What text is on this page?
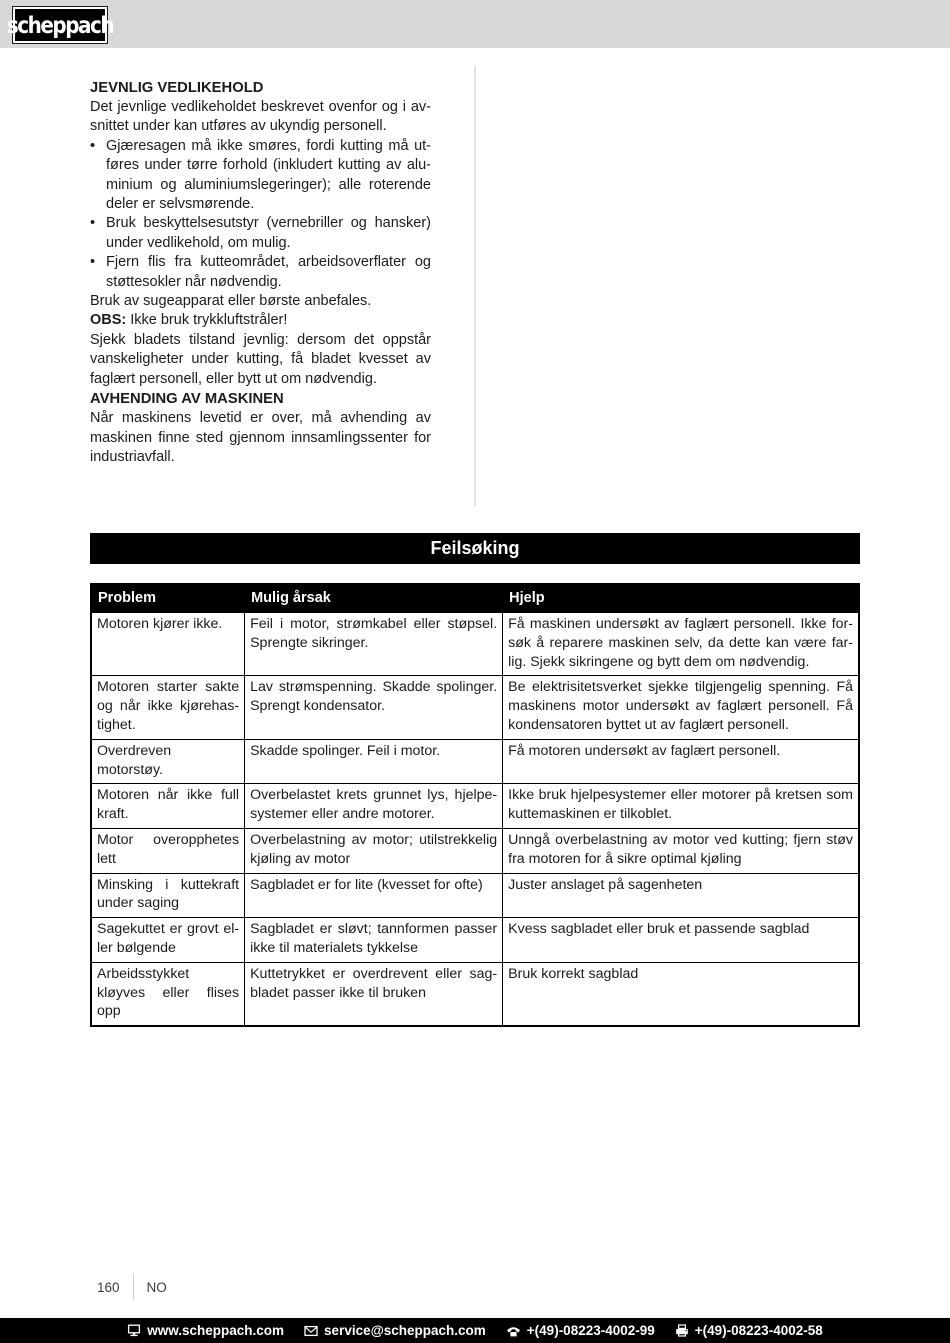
scheppach
JEVNLIG VEDLIKEHOLD

Det jevnlige vedlikeholdet beskrevet ovenfor og i av-snittet under kan utføres av ukyndig personell.

• Gjæresagen må ikke smøres, fordi kutting må ut-føres under tørre forhold (inkludert kutting av alu-minium og aluminiumslegeringer); alle roterende deler er selvsmørende.
• Bruk beskyttelsesutstyr (vernebriller og hansker) under vedlikehold, om mulig.
• Fjern flis fra kutteområdet, arbeidsoverflater og støttesokler når nødvendig.

Bruk av sugeapparat eller børste anbefales.

OBS: Ikke bruk trykkluftstråler!

Sjekk bladets tilstand jevnlig: dersom det oppstår vanskeligheter under kutting, få bladet kvesset av faglært personell, eller bytt ut om nødvendig.

AVHENDING AV MASKINEN

Når maskinens levetid er over, må avhending av maskinen finne sted gjennom innsamlingssenter for industriavfall.

Feilsøking
Problem	Mulig årsak	Hjelp
Motoren kjører ikke.	Feil i motor, strømkabel eller støpsel. Sprengte sikringer.	Få maskinen undersøkt av faglært personell. Ikke for-søk å reparere maskinen selv, da dette kan være far-lig. Sjekk sikringene og bytt dem om nødvendig.
Motoren starter sakte og når ikke kjørehas-tighet.	Lav strømspenning. Skadde spolinger. Sprengt kondensator.	Be elektrisitetsverket sjekke tilgjengelig spenning. Få maskinens motor undersøkt av faglært personell. Få kondensatoren byttet ut av faglært personell.
Overdreven motorstøy.	Skadde spolinger. Feil i motor.	Få motoren undersøkt av faglært personell.
Motoren når ikke full kraft.	Overbelastet krets grunnet lys, hjelpe-systemer eller andre motorer.	Ikke bruk hjelpesystemer eller motorer på kretsen som kuttemaskinen er tilkoblet.
Motor overopphetes lett	Overbelastning av motor; utilstrekkelig kjøling av motor	Unngå overbelastning av motor ved kutting; fjern støv fra motoren for å sikre optimal kjøling
Minsking i kuttekraft under saging	Sagbladet er for lite (kvesset for ofte)	Juster anslaget på sagenheten
Sagekuttet er grovt el-ler bølgende	Sagbladet er sløvt; tannformen passer ikke til materialets tykkelse	Kvess sagbladet eller bruk et passende sagblad
Arbeidsstykket kløyves eller flises opp	Kuttetrykket er overdrevent eller sag-bladet passer ikke til bruken	Bruk korrekt sagblad
160 NO
www.scheppach.com	service@scheppach.com	+(49)-08223-4002-99	+(49)-08223-4002-58
